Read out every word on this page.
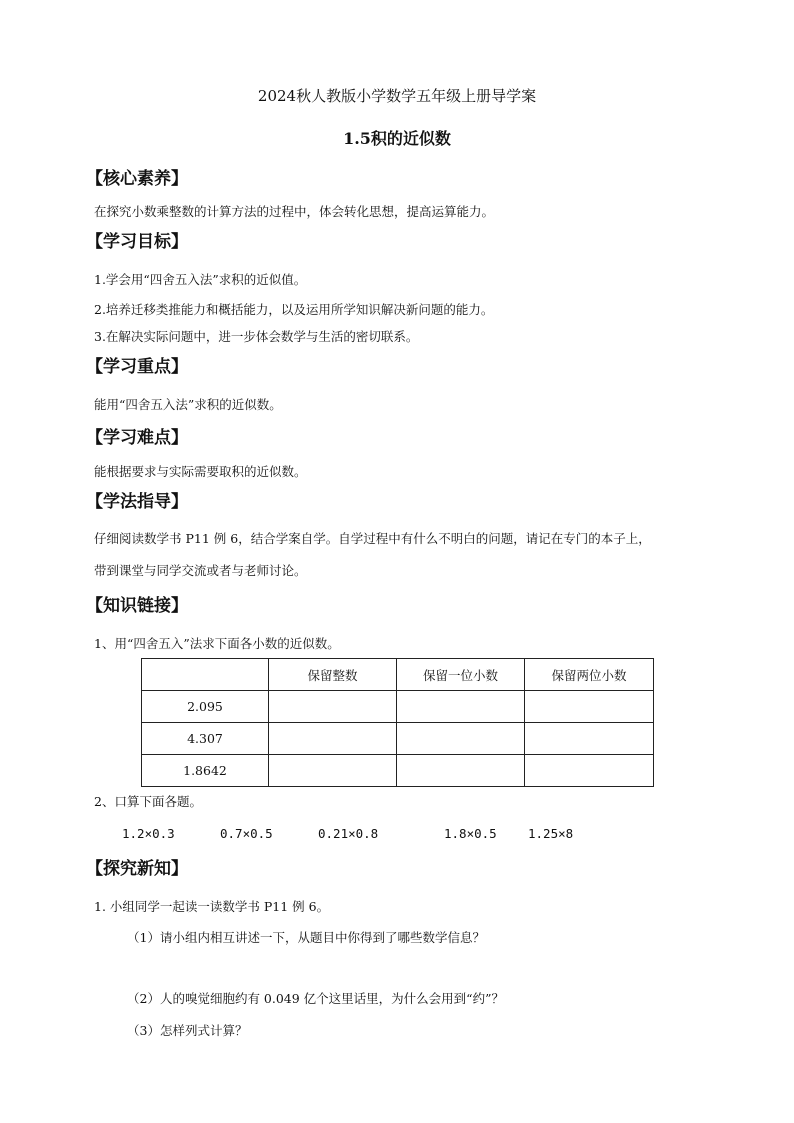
2024秋人教版小学数学五年级上册导学案
1.5积的近似数
【核心素养】
在探究小数乘整数的计算方法的过程中，体会转化思想，提高运算能力。
【学习目标】
1.学会用“四舍五入法”求积的近似值。
2.培养迁移类推能力和概括能力，以及运用所学知识解决新问题的能力。
3.在解决实际问题中，进一步体会数学与生活的密切联系。
【学习重点】
能用“四舍五入法”求积的近似数。
【学习难点】
能根据要求与实际需要取积的近似数。
【学法指导】
仔细阅读数学书 P11 例 6，结合学案自学。自学过程中有什么不明白的问题，请记在专门的本子上，
带到课堂与同学交流或者与老师讨论。
【知识链接】
1、用“四舍五入”法求下面各小数的近似数。
	保留整数	保留一位小数	保留两位小数
2.095			
4.307			
1.8642			
2、口算下面各题。
1.2×0.3	0.7×0.5	0.21×0.8	1.8×0.5	1.25×8
【探究新知】
1. 小组同学一起读一读数学书 P11 例 6。
（1）请小组内相互讲述一下，从题目中你得到了哪些数学信息？
（2）人的嗅觉细胞约有 0.049 亿个这里话里，为什么会用到“约”？
（3）怎样列式计算？
